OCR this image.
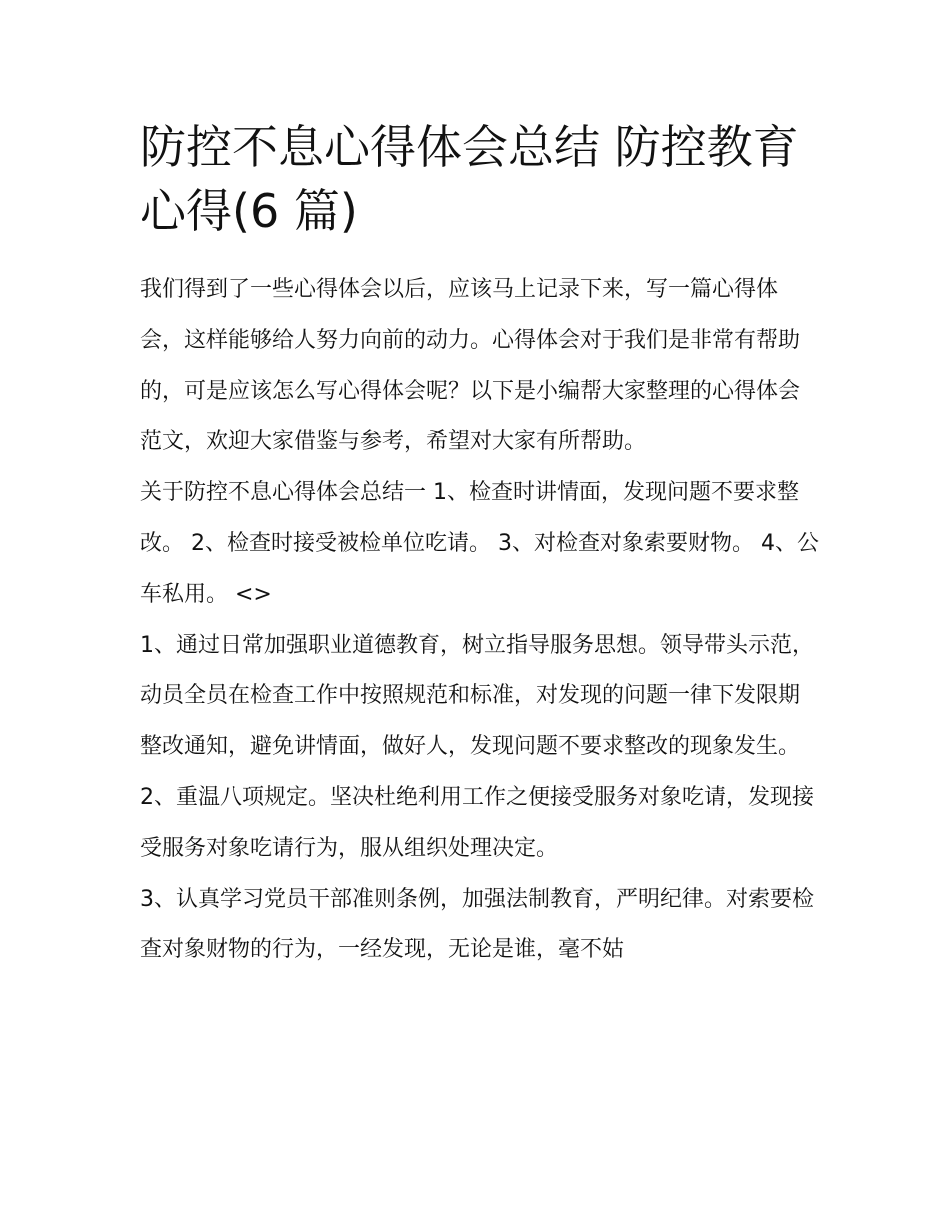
防控不息心得体会总结 防控教育心得(6 篇)

我们得到了一些心得体会以后，应该马上记录下来，写一篇心得体会，这样能够给人努力向前的动力。心得体会对于我们是非常有帮助的，可是应该怎么写心得体会呢？以下是小编帮大家整理的心得体会范文，欢迎大家借鉴与参考，希望对大家有所帮助。

关于防控不息心得体会总结一 1、检查时讲情面，发现问题不要求整改。 2、检查时接受被检单位吃请。 3、对检查对象索要财物。 4、公车私用。 <>

1、通过日常加强职业道德教育，树立指导服务思想。领导带头示范，动员全员在检查工作中按照规范和标准，对发现的问题一律下发限期整改通知，避免讲情面，做好人，发现问题不要求整改的现象发生。

2、重温八项规定。坚决杜绝利用工作之便接受服务对象吃请，发现接受服务对象吃请行为，服从组织处理决定。

3、认真学习党员干部准则条例，加强法制教育，严明纪律。对索要检查对象财物的行为，一经发现，无论是谁，毫不姑
